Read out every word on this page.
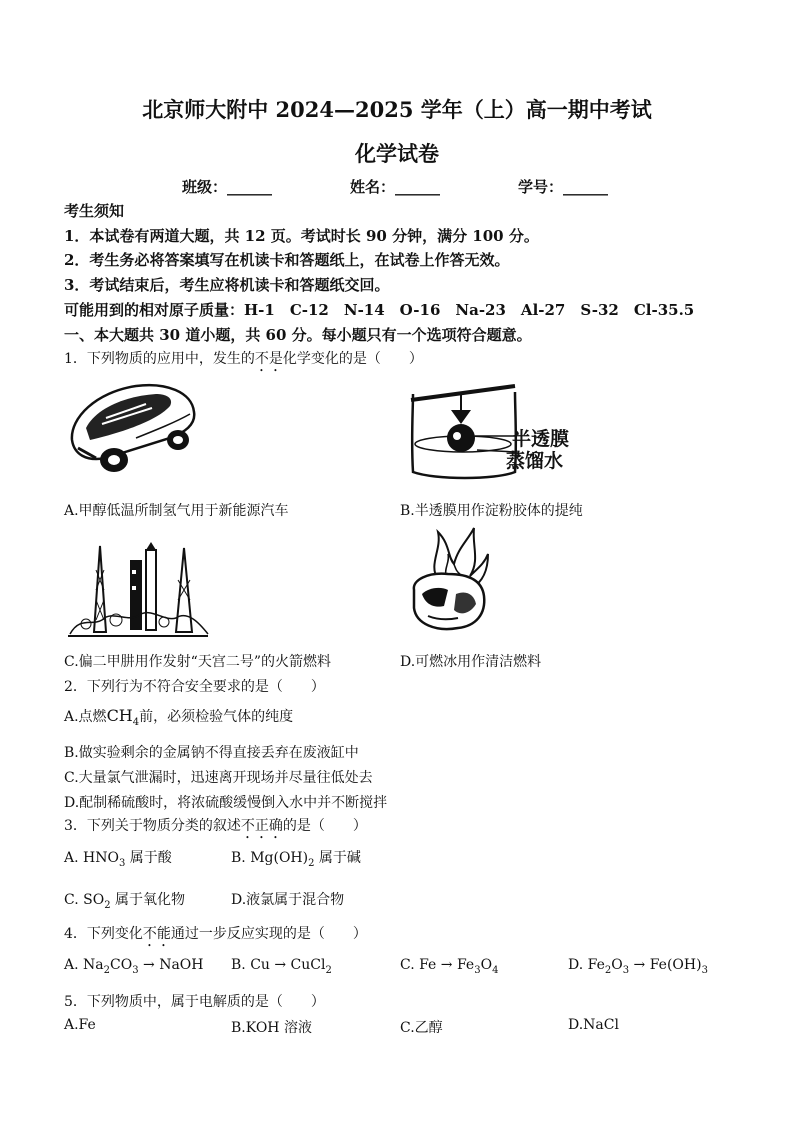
北京师大附中 2024—2025 学年（上）高一期中考试
化学试卷
班级：______	姓名：______	学号：______
考生须知
1．本试卷有两道大题，共 12 页。考试时长 90 分钟，满分 100 分。
2．考生务必将答案填写在机读卡和答题纸上，在试卷上作答无效。
3．考试结束后，考生应将机读卡和答题纸交回。
可能用到的相对原子质量：H-1　C-12　N-14　O-16　Na-23　Al-27　S-32　Cl-35.5
一、本大题共 30 道小题，共 60 分。每小题只有一个选项符合题意。
1．下列物质的应用中，发生的不是化学变化的是（　　）
半透膜
蒸馏水
A.甲醇低温所制氢气用于新能源汽车	B.半透膜用作淀粉胶体的提纯
C.偏二甲肼用作发射“天宫二号”的火箭燃料	D.可燃冰用作清洁燃料
2．下列行为不符合安全要求的是（　　）
A.点燃$CH_4$前，必须检验气体的纯度
B.做实验剩余的金属钠不得直接丢弃在废液缸中
C.大量氯气泄漏时，迅速离开现场并尽量往低处去
D.配制稀硫酸时，将浓硫酸缓慢倒入水中并不断搅拌
3．下列关于物质分类的叙述不正确的是（　　）
A. $HNO_3$ 属于酸	B. $Mg(OH)_2$ 属于碱
C. $SO_2$ 属于氧化物	D.液氯属于混合物
4．下列变化不能通过一步反应实现的是（　　）
A. $Na_2CO_3$ → NaOH B. Cu → CuCl$_2$	C. $Fe \to Fe_3O_4$	D. $Fe_2O_3 \to Fe(OH)_3$
5．下列物质中，属于电解质的是（　　）
A.Fe	B.KOH 溶液	C.乙醇	D.NaCl
